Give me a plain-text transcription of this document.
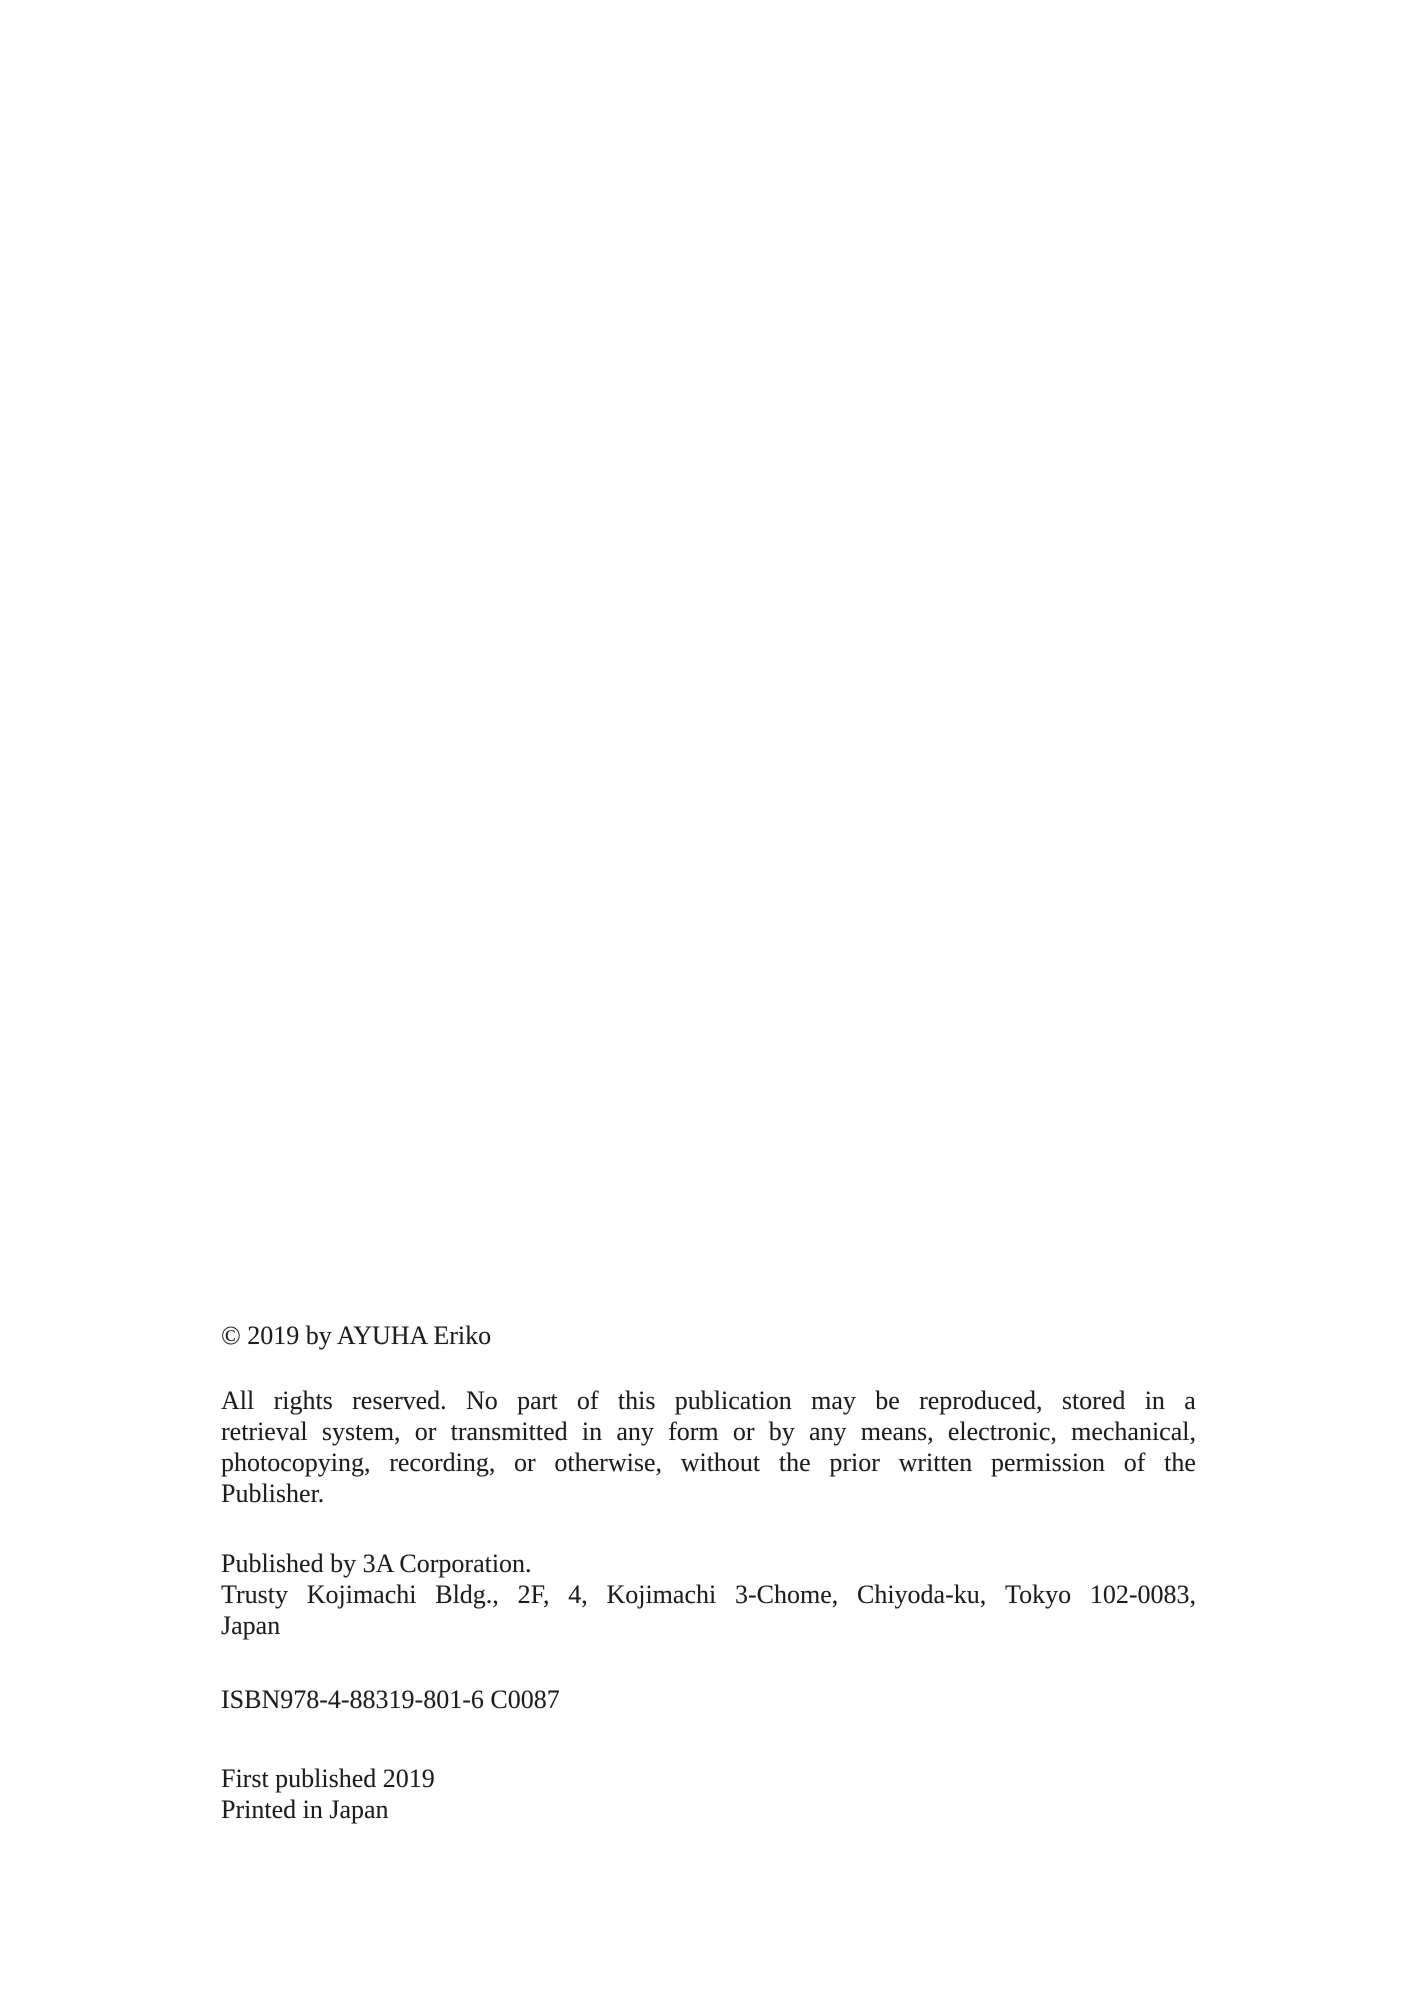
© 2019 by AYUHA Eriko
All rights reserved. No part of this publication may be reproduced, stored in a
retrieval system, or transmitted in any form or by any means, electronic, mechanical,
photocopying, recording, or otherwise, without the prior written permission of the
Publisher.
Published by 3A Corporation.
Trusty Kojimachi Bldg., 2F, 4, Kojimachi 3-Chome, Chiyoda-ku, Tokyo 102-0083,
Japan
ISBN978-4-88319-801-6 C0087
First published 2019
Printed in Japan
